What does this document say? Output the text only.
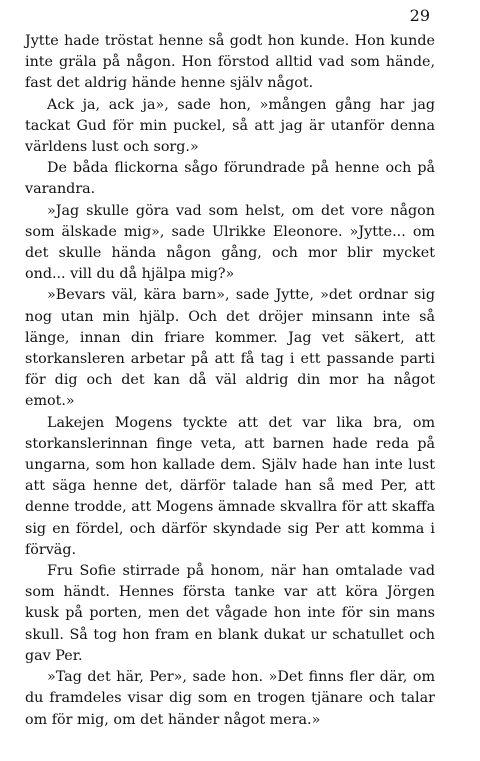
29

Jytte hade tröstat henne så godt hon kunde. Hon kunde inte gräla på någon. Hon förstod alltid vad som hände, fast det aldrig hände henne själv något.

Ack ja, ack ja», sade hon, »mången gång har jag tackat Gud för min puckel, så att jag är utanför denna världens lust och sorg.»

De båda flickorna sågo förundrade på henne och på varandra.

»Jag skulle göra vad som helst, om det vore någon som älskade mig», sade Ulrikke Eleonore. »Jytte... om det skulle hända någon gång, och mor blir mycket ond... vill du då hjälpa mig?»

»Bevars väl, kära barn», sade Jytte, »det ordnar sig nog utan min hjälp. Och det dröjer minsann inte så länge, innan din friare kommer. Jag vet säkert, att storkansleren arbetar på att få tag i ett passande parti för dig och det kan då väl aldrig din mor ha något emot.»

Lakejen Mogens tyckte att det var lika bra, om storkanslerinnan finge veta, att barnen hade reda på ungarna, som hon kallade dem. Själv hade han inte lust att säga henne det, därför talade han så med Per, att denne trodde, att Mogens ämnade skvallra för att skaffa sig en fördel, och därför skyndade sig Per att komma i förväg.

Fru Sofie stirrade på honom, när han omtalade vad som händt. Hennes första tanke var att köra Jörgen kusk på porten, men det vågade hon inte för sin mans skull. Så tog hon fram en blank dukat ur schatullet och gav Per.

»Tag det här, Per», sade hon. »Det finns fler där, om du framdeles visar dig som en trogen tjänare och talar om för mig, om det händer något mera.»
